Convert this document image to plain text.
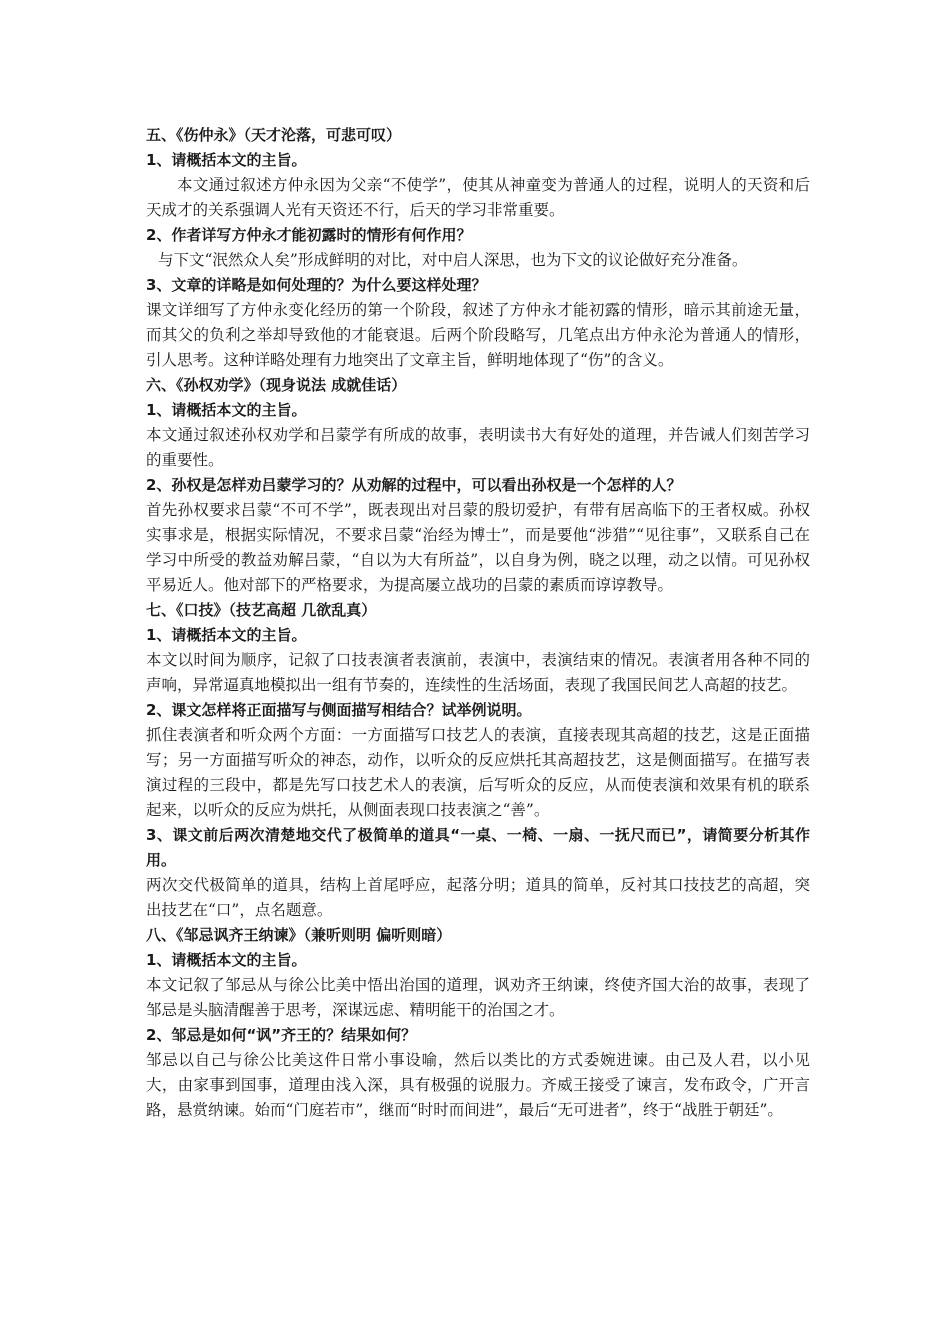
五、《伤仲永》（天才沦落，可悲可叹）

1、请概括本文的主旨。

本文通过叙述方仲永因为父亲“不使学”，使其从神童变为普通人的过程，说明人的天资和后天成才的关系强调人光有天资还不行，后天的学习非常重要。

2、作者详写方仲永才能初露时的情形有何作用？

与下文“泯然众人矣”形成鲜明的对比，对中启人深思，也为下文的议论做好充分准备。

3、文章的详略是如何处理的？为什么要这样处理？

课文详细写了方仲永变化经历的第一个阶段，叙述了方仲永才能初露的情形，暗示其前途无量，而其父的负利之举却导致他的才能衰退。后两个阶段略写，几笔点出方仲永沦为普通人的情形，引人思考。这种详略处理有力地突出了文章主旨，鲜明地体现了“伤”的含义。

六、《孙权劝学》（现身说法 成就佳话）

1、请概括本文的主旨。

本文通过叙述孙权劝学和吕蒙学有所成的故事，表明读书大有好处的道理，并告诫人们刻苦学习的重要性。

2、孙权是怎样劝吕蒙学习的？从劝解的过程中，可以看出孙权是一个怎样的人？

首先孙权要求吕蒙“不可不学”，既表现出对吕蒙的殷切爱护，有带有居高临下的王者权威。孙权实事求是，根据实际情况，不要求吕蒙“治经为博士”，而是要他“涉猎”“见往事”，又联系自己在学习中所受的教益劝解吕蒙，“自以为大有所益”，以自身为例，晓之以理，动之以情。可见孙权平易近人。他对部下的严格要求，为提高屡立战功的吕蒙的素质而谆谆教导。

七、《口技》（技艺高超 几欲乱真）

1、请概括本文的主旨。

本文以时间为顺序，记叙了口技表演者表演前，表演中，表演结束的情况。表演者用各种不同的声响，异常逼真地模拟出一组有节奏的，连续性的生活场面，表现了我国民间艺人高超的技艺。

2、课文怎样将正面描写与侧面描写相结合？试举例说明。

抓住表演者和听众两个方面：一方面描写口技艺人的表演，直接表现其高超的技艺，这是正面描写；另一方面描写听众的神态，动作，以听众的反应烘托其高超技艺，这是侧面描写。在描写表演过程的三段中，都是先写口技艺术人的表演，后写听众的反应，从而使表演和效果有机的联系起来，以听众的反应为烘托，从侧面表现口技表演之“善”。

3、课文前后两次清楚地交代了极简单的道具“一桌、一椅、一扇、一抚尺而已”，请简要分析其作用。

两次交代极简单的道具，结构上首尾呼应，起落分明；道具的简单，反衬其口技技艺的高超，突出技艺在“口”，点名题意。

八、《邹忌讽齐王纳谏》（兼听则明 偏听则暗）

1、请概括本文的主旨。

本文记叙了邹忌从与徐公比美中悟出治国的道理，讽劝齐王纳谏，终使齐国大治的故事，表现了邹忌是头脑清醒善于思考，深谋远虑、精明能干的治国之才。

2、邹忌是如何“讽”齐王的？结果如何？

邹忌以自己与徐公比美这件日常小事设喻，然后以类比的方式委婉进谏。由己及人君，以小见大，由家事到国事，道理由浅入深，具有极强的说服力。齐威王接受了谏言，发布政令，广开言路，悬赏纳谏。始而“门庭若市”，继而“时时而间进”，最后“无可进者”，终于“战胜于朝廷”。
